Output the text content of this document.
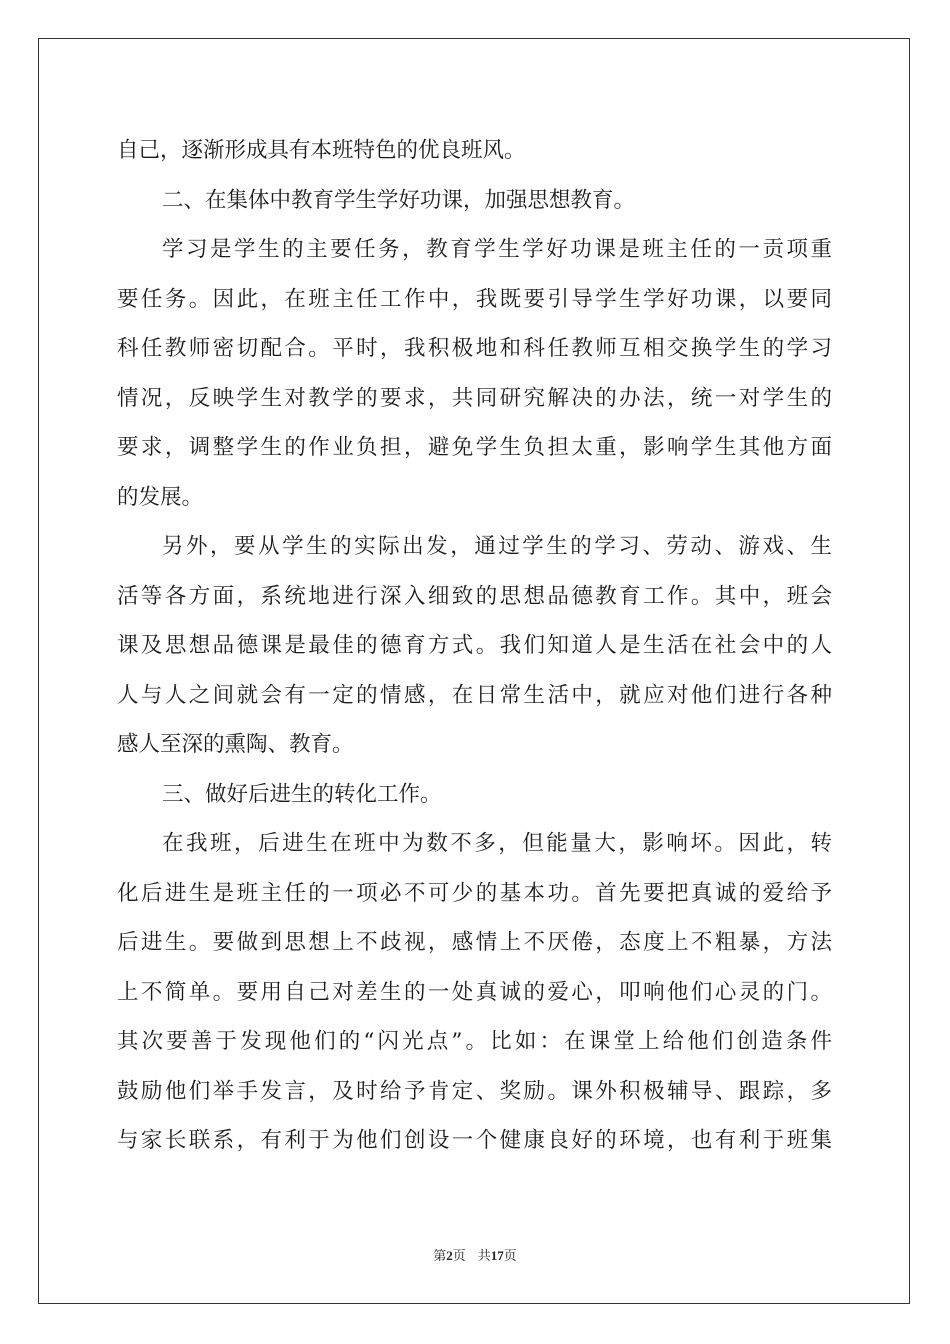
自己，逐渐形成具有本班特色的优良班风。
二、在集体中教育学生学好功课，加强思想教育。
学习是学生的主要任务，教育学生学好功课是班主任的一贡项重
要任务。因此，在班主任工作中，我既要引导学生学好功课，以要同
科任教师密切配合。平时，我积极地和科任教师互相交换学生的学习
情况，反映学生对教学的要求，共同研究解决的办法，统一对学生的
要求，调整学生的作业负担，避免学生负担太重，影响学生其他方面
的发展。
另外，要从学生的实际出发，通过学生的学习、劳动、游戏、生
活等各方面，系统地进行深入细致的思想品德教育工作。其中，班会
课及思想品德课是最佳的德育方式。我们知道人是生活在社会中的人
人与人之间就会有一定的情感，在日常生活中，就应对他们进行各种
感人至深的熏陶、教育。
三、做好后进生的转化工作。
在我班，后进生在班中为数不多，但能量大，影响坏。因此，转
化后进生是班主任的一项必不可少的基本功。首先要把真诚的爱给予
后进生。要做到思想上不歧视，感情上不厌倦，态度上不粗暴，方法
上不简单。要用自己对差生的一处真诚的爱心，叩响他们心灵的门。
其次要善于发现他们的“闪光点”。比如：在课堂上给他们创造条件
鼓励他们举手发言，及时给予肯定、奖励。课外积极辅导、跟踪，多
与家长联系，有利于为他们创设一个健康良好的环境，也有利于班集
第2页 共17页
